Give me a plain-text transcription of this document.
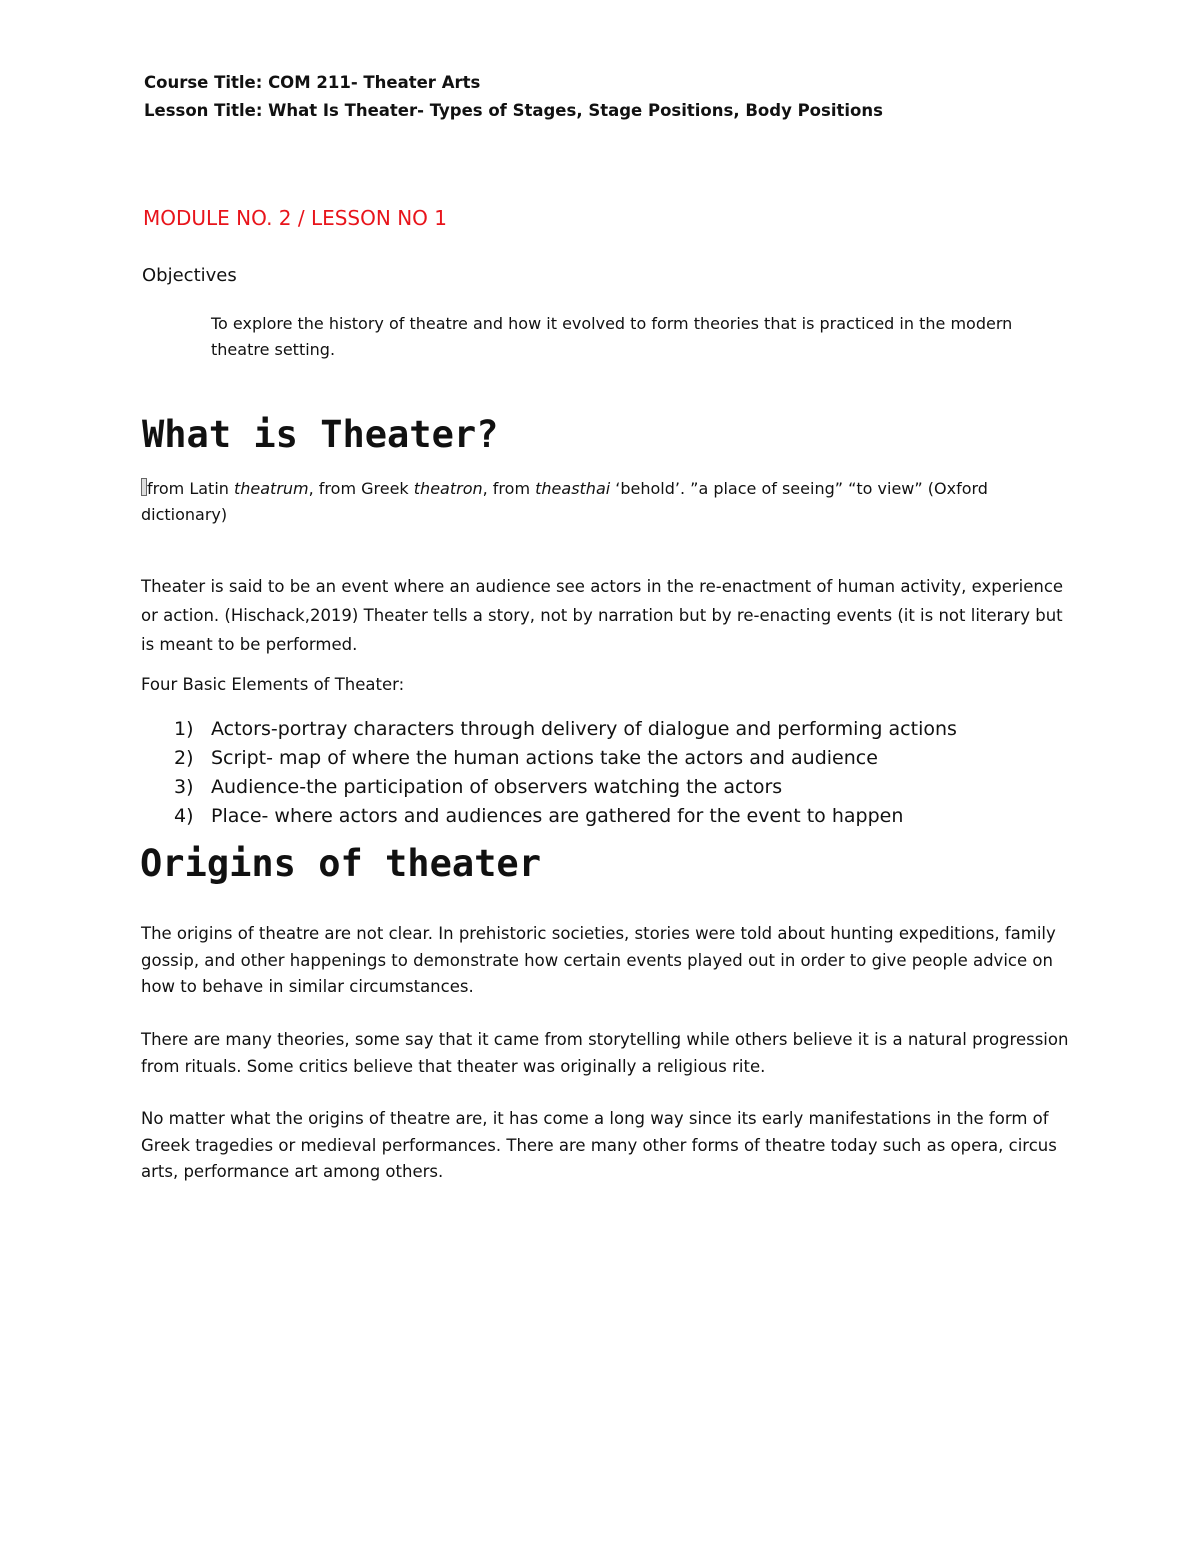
Course Title: COM 211- Theater Arts
Lesson Title: What Is Theater- Types of Stages, Stage Positions, Body Positions
MODULE NO. 2 / LESSON NO 1
Objectives
To explore the history of theatre and how it evolved to form theories that is practiced in the modern theatre setting.
What is Theater?
from Latin theatrum, from Greek theatron, from theasthai ‘behold’. ”a place of seeing” “to view” (Oxford dictionary)
Theater is said to be an event where an audience see actors in the re-enactment of human activity, experience or action. (Hischack,2019) Theater tells a story, not by narration but by re-enacting events (it is not literary but is meant to be performed.
Four Basic Elements of Theater:
1) Actors-portray characters through delivery of dialogue and performing actions
2) Script- map of where the human actions take the actors and audience
3) Audience-the participation of observers watching the actors
4) Place- where actors and audiences are gathered for the event to happen
Origins of theater
The origins of theatre are not clear. In prehistoric societies, stories were told about hunting expeditions, family gossip, and other happenings to demonstrate how certain events played out in order to give people advice on how to behave in similar circumstances.
There are many theories, some say that it came from storytelling while others believe it is a natural progression from rituals. Some critics believe that theater was originally a religious rite.
No matter what the origins of theatre are, it has come a long way since its early manifestations in the form of Greek tragedies or medieval performances. There are many other forms of theatre today such as opera, circus arts, performance art among others.
